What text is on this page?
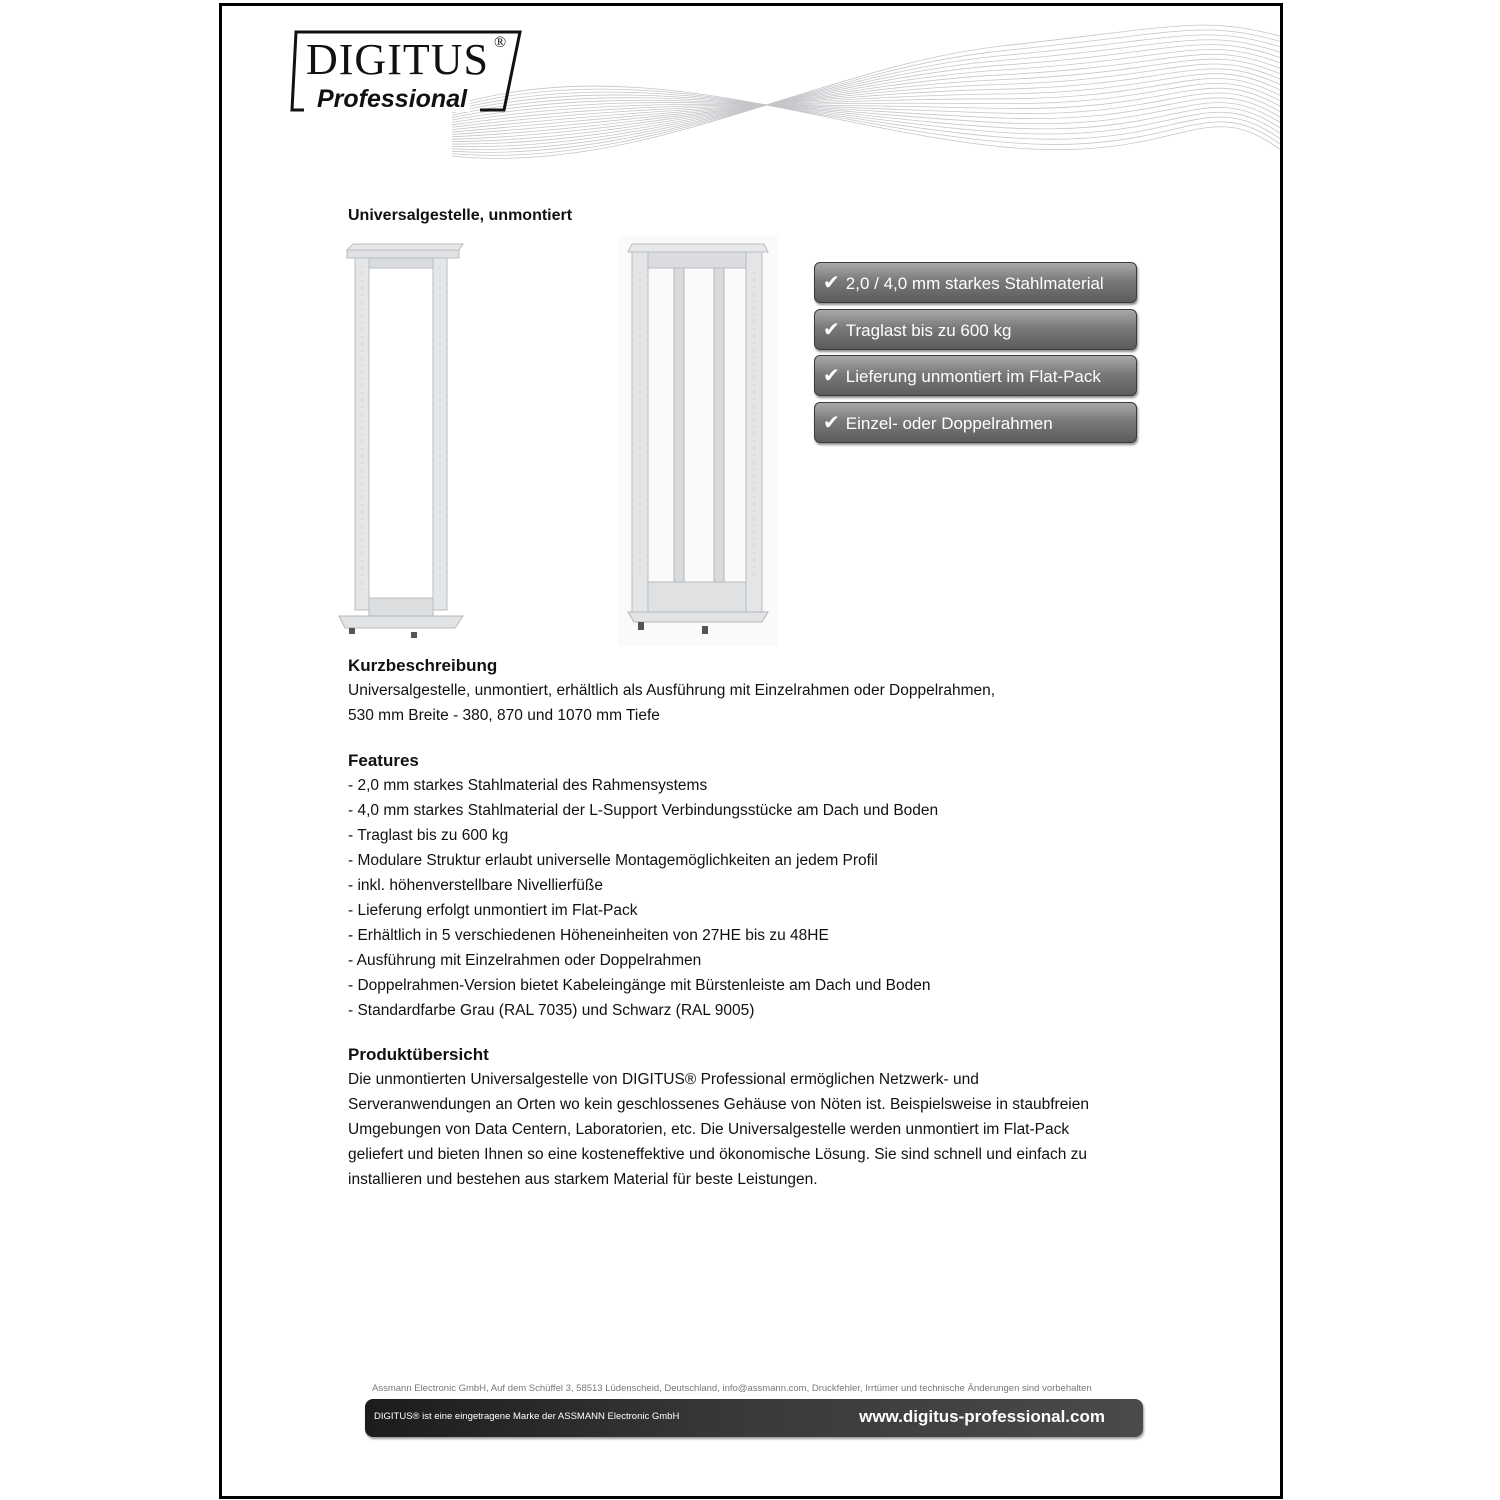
DIGITUS ®
Professional
Universalgestelle, unmontiert
✔ 2,0 / 4,0 mm starkes Stahlmaterial
✔ Traglast bis zu 600 kg
✔ Lieferung unmontiert im Flat-Pack
✔ Einzel- oder Doppelrahmen
Kurzbeschreibung

Universalgestelle, unmontiert, erhältlich als Ausführung mit Einzelrahmen oder Doppelrahmen,

530 mm Breite - 380, 870 und 1070 mm Tiefe

Features

- 2,0 mm starkes Stahlmaterial des Rahmensystems

- 4,0 mm starkes Stahlmaterial der L-Support Verbindungsstücke am Dach und Boden

- Traglast bis zu 600 kg

- Modulare Struktur erlaubt universelle Montagemöglichkeiten an jedem Profil

- inkl. höhenverstellbare Nivellierfüße

- Lieferung erfolgt unmontiert im Flat-Pack

- Erhältlich in 5 verschiedenen Höheneinheiten von 27HE bis zu 48HE

- Ausführung mit Einzelrahmen oder Doppelrahmen

- Doppelrahmen-Version bietet Kabeleingänge mit Bürstenleiste am Dach und Boden

- Standardfarbe Grau (RAL 7035) und Schwarz (RAL 9005)

Produktübersicht

Die unmontierten Universalgestelle von DIGITUS® Professional ermöglichen Netzwerk- und

Serveranwendungen an Orten wo kein geschlossenes Gehäuse von Nöten ist. Beispielsweise in staubfreien

Umgebungen von Data Centern, Laboratorien, etc. Die Universalgestelle werden unmontiert im Flat-Pack

geliefert und bieten Ihnen so eine kosteneffektive und ökonomische Lösung. Sie sind schnell und einfach zu

installieren und bestehen aus starkem Material für beste Leistungen.

Assmann Electronic GmbH, Auf dem Schüffel 3, 58513 Lüdenscheid, Deutschland, info@assmann.com, Druckfehler, Irrtümer und technische Änderungen sind vorbehalten
DIGITUS® ist eine eingetragene Marke der ASSMANN Electronic GmbH	www.digitus-professional.com
